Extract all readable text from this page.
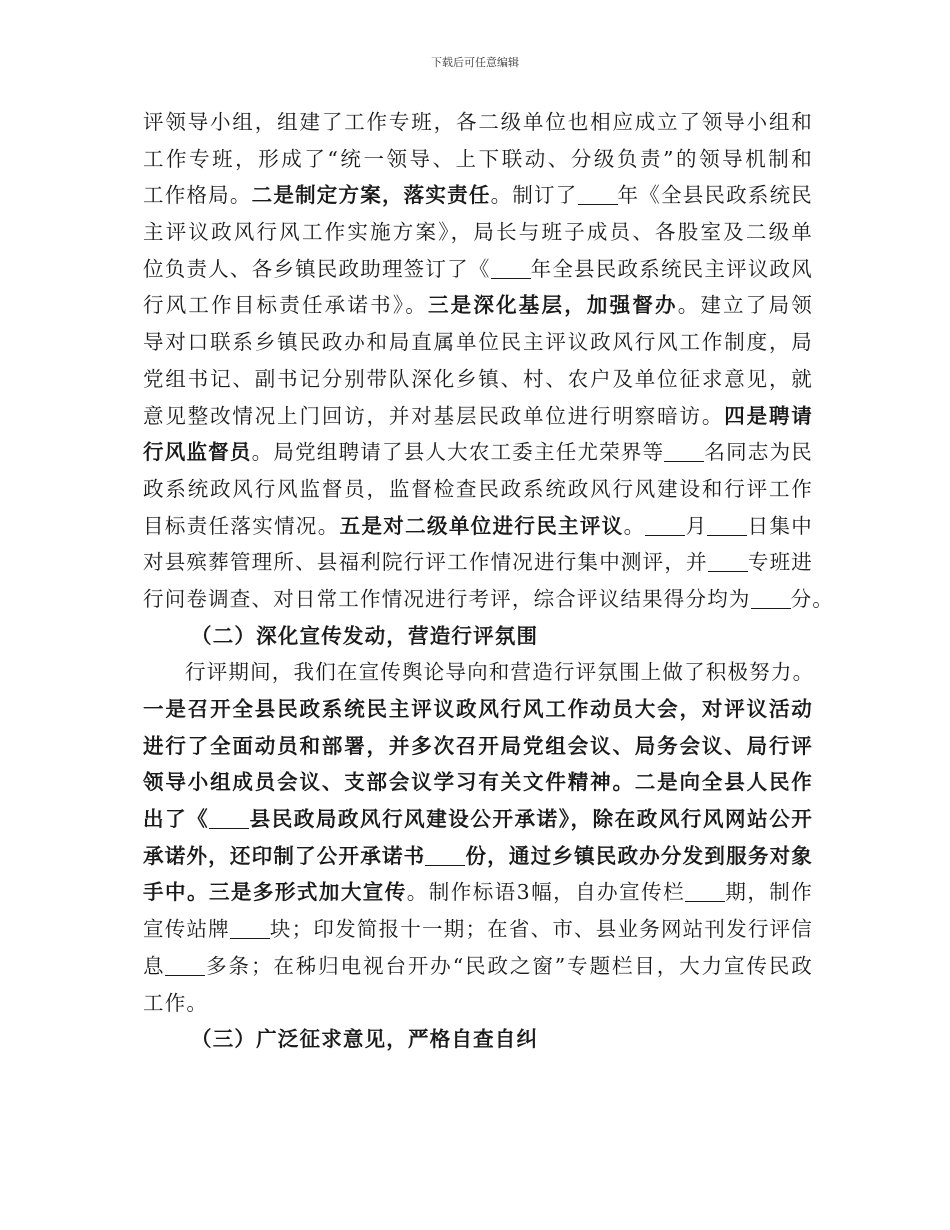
下载后可任意编辑
评领导小组，组建了工作专班，各二级单位也相应成立了领导小组和
工作专班，形成了“统一领导、上下联动、分级负责”的领导机制和
工作格局。二是制定方案，落实责任。制订了 年《全县民政系统民
主评议政风行风工作实施方案》，局长与班子成员、各股室及二级单
位负责人、各乡镇民政助理签订了《 年全县民政系统民主评议政风
行风工作目标责任承诺书》。三是深化基层，加强督办。建立了局领
导对口联系乡镇民政办和局直属单位民主评议政风行风工作制度，局
党组书记、副书记分别带队深化乡镇、村、农户及单位征求意见，就
意见整改情况上门回访，并对基层民政单位进行明察暗访。四是聘请
行风监督员。局党组聘请了县人大农工委主任尤荣界等 名同志为民
政系统政风行风监督员，监督检查民政系统政风行风建设和行评工作
目标责任落实情况。五是对二级单位进行民主评议。 月 日集中
对县殡葬管理所、县福利院行评工作情况进行集中测评，并 专班进
行问卷调查、对日常工作情况进行考评，综合评议结果得分均为 分。
（二）深化宣传发动，营造行评氛围
行评期间，我们在宣传舆论导向和营造行评氛围上做了积极努力。
一是召开全县民政系统民主评议政风行风工作动员大会，对评议活动
进行了全面动员和部署，并多次召开局党组会议、局务会议、局行评
领导小组成员会议、支部会议学习有关文件精神。二是向全县人民作
出了《 县民政局政风行风建设公开承诺》，除在政风行风网站公开
承诺外，还印制了公开承诺书 份，通过乡镇民政办分发到服务对象
手中。三是多形式加大宣传。制作标语3幅，自办宣传栏 期，制作
宣传站牌 块；印发简报十一期；在省、市、县业务网站刊发行评信
息 多条；在秭归电视台开办“民政之窗”专题栏目，大力宣传民政
工作。
（三）广泛征求意见，严格自查自纠
